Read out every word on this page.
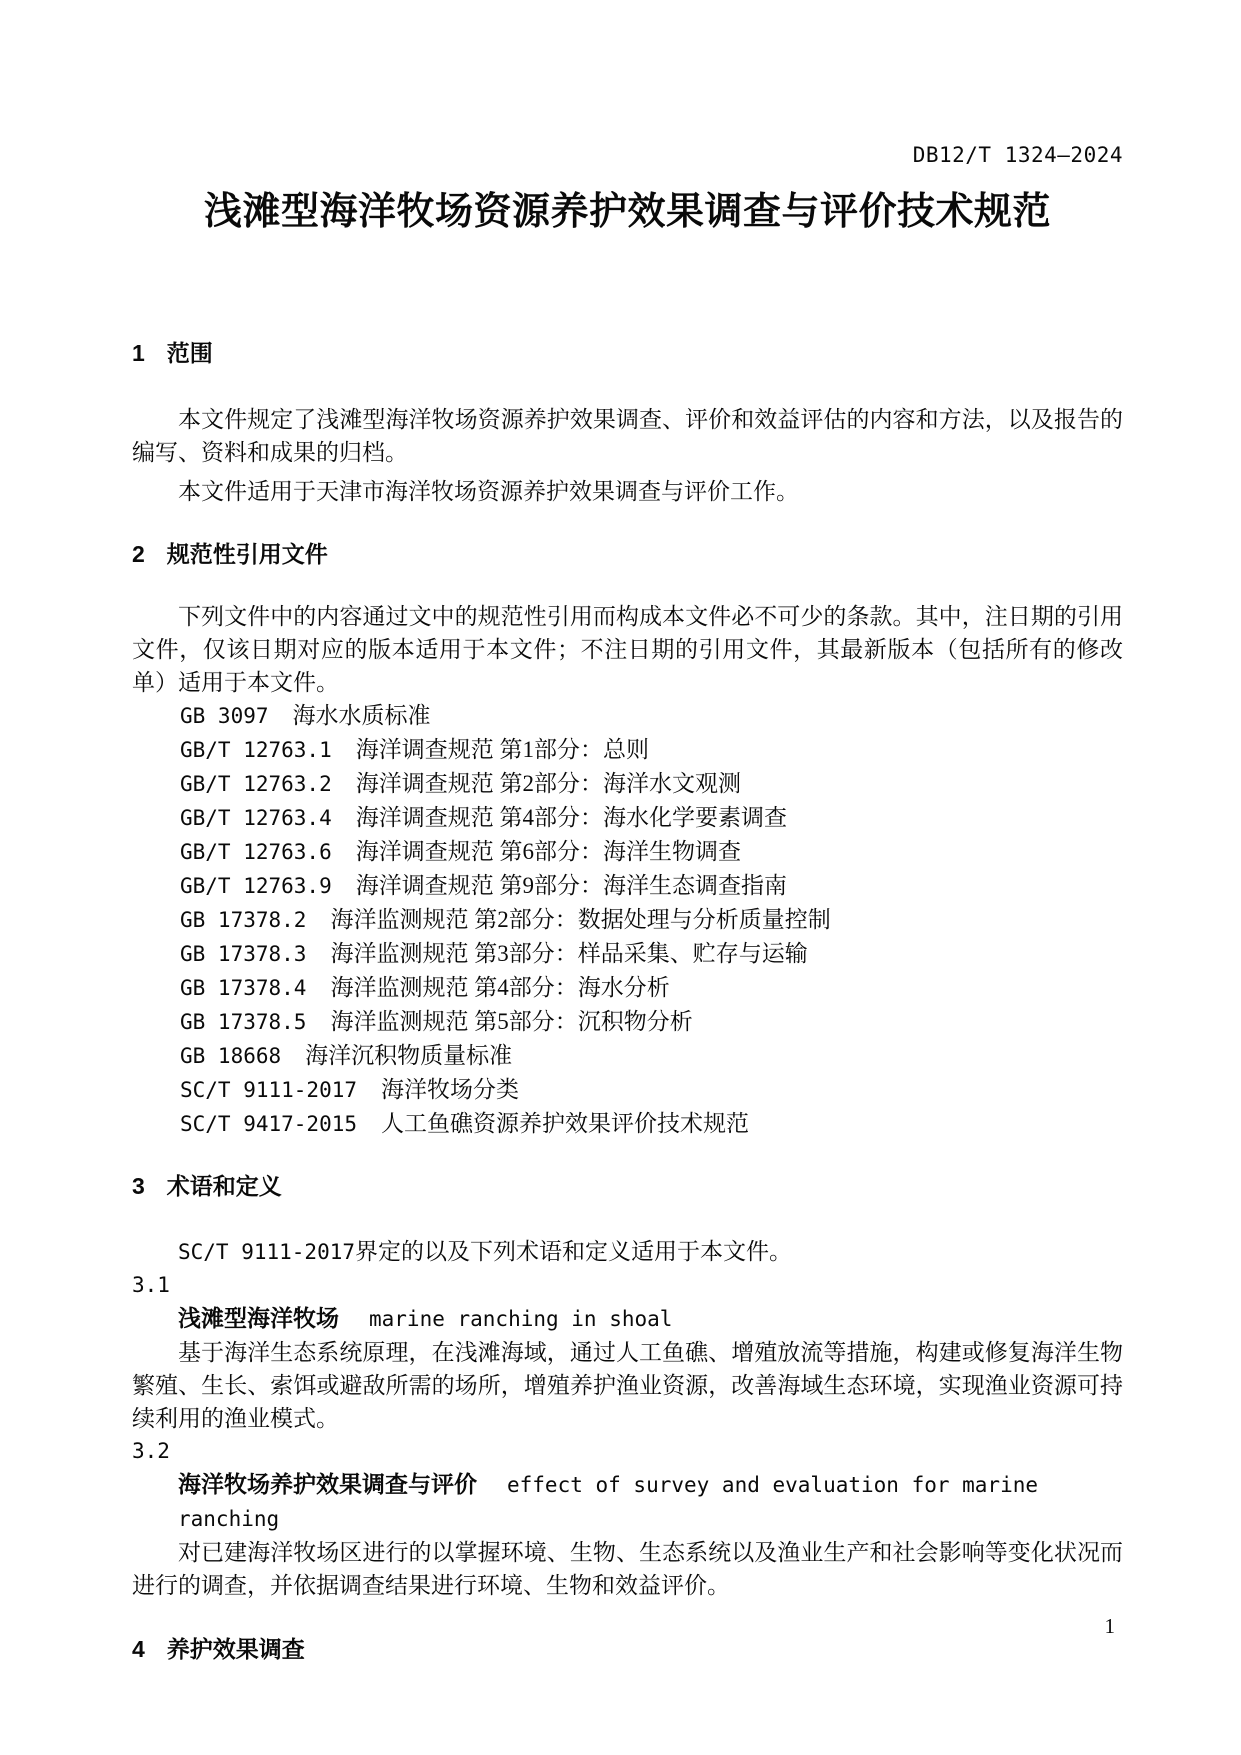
DB12/T 1324—2024
浅滩型海洋牧场资源养护效果调查与评价技术规范
1 范围

本文件规定了浅滩型海洋牧场资源养护效果调查、评价和效益评估的内容和方法，以及报告的编写、资料和成果的归档。

本文件适用于天津市海洋牧场资源养护效果调查与评价工作。

2 规范性引用文件

下列文件中的内容通过文中的规范性引用而构成本文件必不可少的条款。其中，注日期的引用文件，仅该日期对应的版本适用于本文件；不注日期的引用文件，其最新版本（包括所有的修改单）适用于本文件。

GB 3097 海水水质标准
GB/T 12763.1 海洋调查规范 第1部分：总则
GB/T 12763.2 海洋调查规范 第2部分：海洋水文观测
GB/T 12763.4 海洋调查规范 第4部分：海水化学要素调查
GB/T 12763.6 海洋调查规范 第6部分：海洋生物调查
GB/T 12763.9 海洋调查规范 第9部分：海洋生态调查指南
GB 17378.2 海洋监测规范 第2部分：数据处理与分析质量控制
GB 17378.3 海洋监测规范 第3部分：样品采集、贮存与运输
GB 17378.4 海洋监测规范 第4部分：海水分析
GB 17378.5 海洋监测规范 第5部分：沉积物分析
GB 18668 海洋沉积物质量标准
SC/T 9111-2017 海洋牧场分类
SC/T 9417-2015 人工鱼礁资源养护效果评价技术规范
3 术语和定义

SC/T 9111-2017界定的以及下列术语和定义适用于本文件。

3.1
浅滩型海洋牧场 marine ranching in shoal

基于海洋生态系统原理，在浅滩海域，通过人工鱼礁、增殖放流等措施，构建或修复海洋生物繁殖、生长、索饵或避敌所需的场所，增殖养护渔业资源，改善海域生态环境，实现渔业资源可持续利用的渔业模式。

3.2
海洋牧场养护效果调查与评价 effect of survey and evaluation for marine ranching

对已建海洋牧场区进行的以掌握环境、生物、生态系统以及渔业生产和社会影响等变化状况而进行的调查，并依据调查结果进行环境、生物和效益评价。

4 养护效果调查
1
